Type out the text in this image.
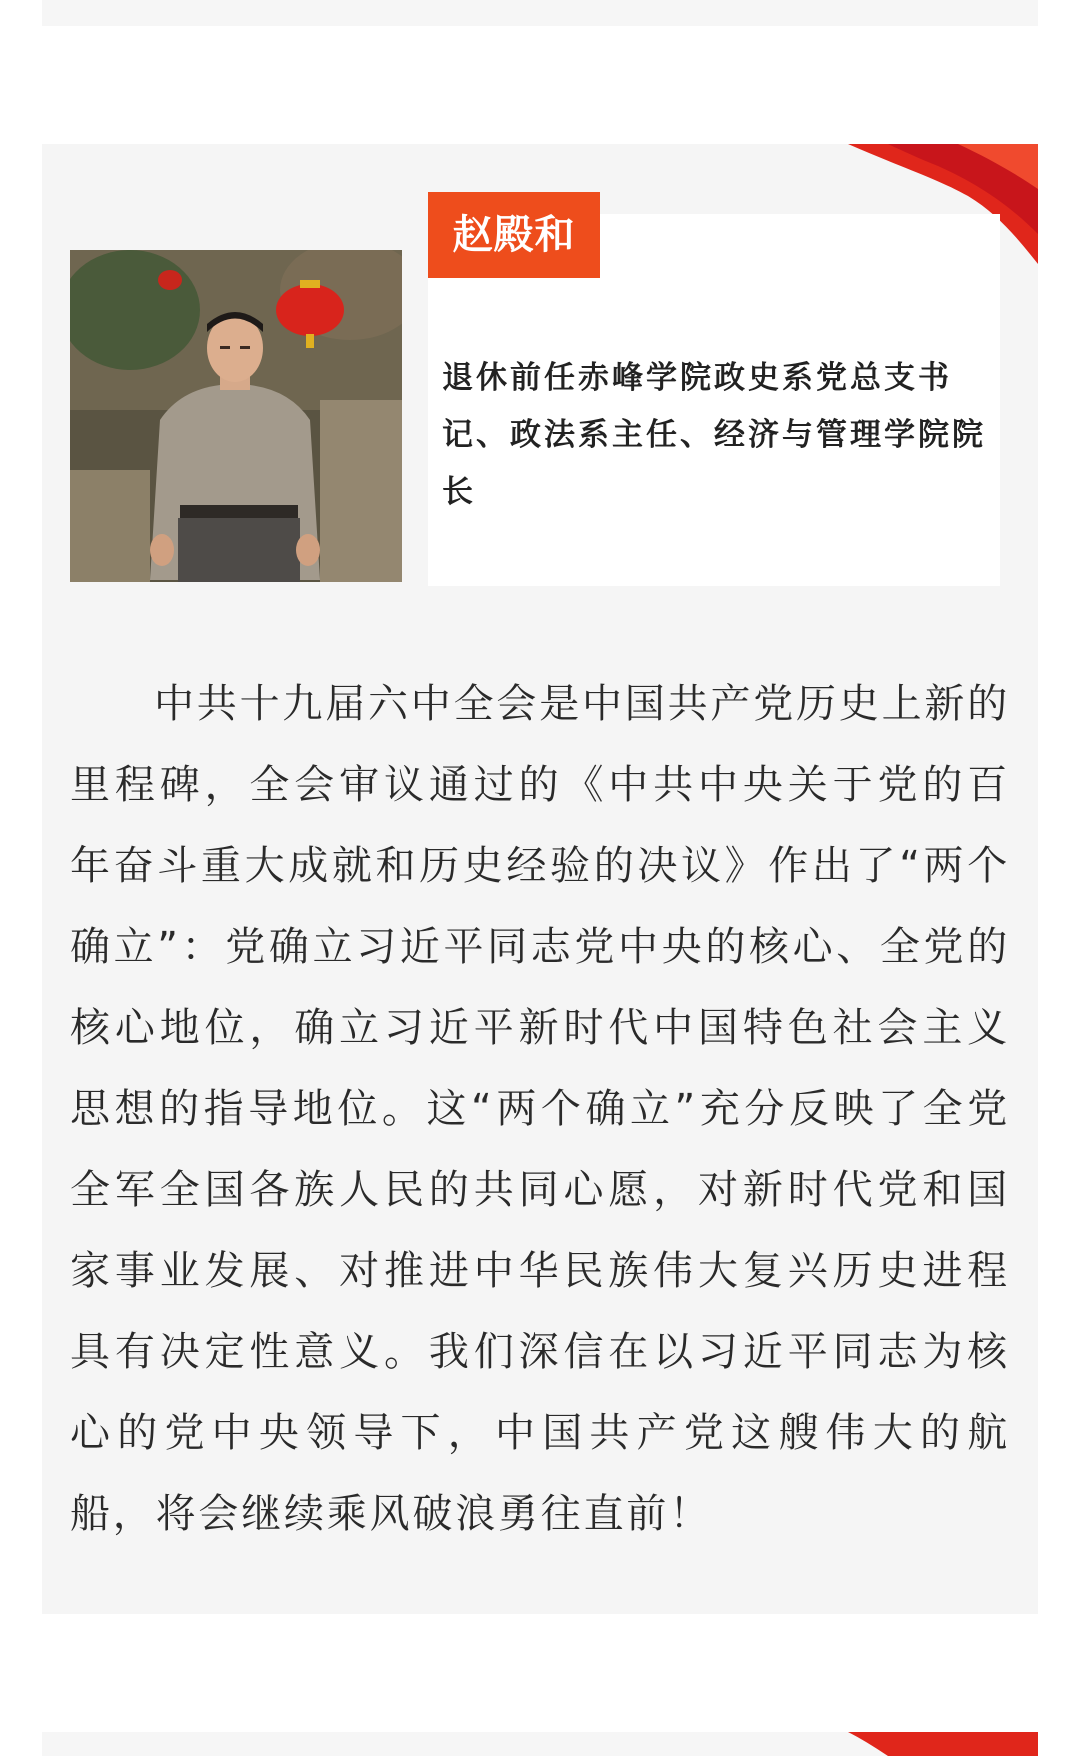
赵殿和
退休前任赤峰学院政史系党总支书记、政法系主任、经济与管理学院院长
中共十九届六中全会是中国共产党历史上新的里程碑，全会审议通过的《中共中央关于党的百年奋斗重大成就和历史经验的决议》作出了“两个确立”：党确立习近平同志党中央的核心、全党的核心地位，确立习近平新时代中国特色社会主义思想的指导地位。这“两个确立”充分反映了全党全军全国各族人民的共同心愿，对新时代党和国家事业发展、对推进中华民族伟大复兴历史进程具有决定性意义。我们深信在以习近平同志为核心的党中央领导下，中国共产党这艘伟大的航船，将会继续乘风破浪勇往直前！
